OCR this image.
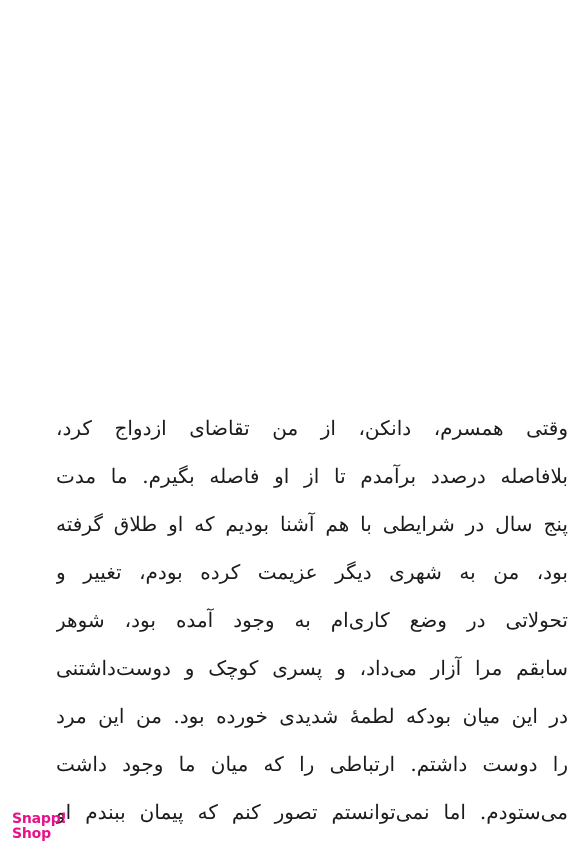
وقتی همسرم، دانکن، از من تقاضای ازدواج کرد،
بلافاصله درصدد برآمدم تا از او فاصله بگیرم. ما مدت
پنج سال در شرایطی با هم آشنا بودیم که او طلاق گرفته
بود، من به شهری دیگر عزیمت کرده بودم، تغییر و
تحولاتی در وضع کاری‌ام به وجود آمده بود، شوهر
سابقم مرا آزار می‌داد، و پسری کوچک و دوست‌داشتنی
در این میان بودکه لطمهٔ شدیدی خورده بود. من این مرد
را دوست داشتم. ارتباطی را که میان ما وجود داشت
می‌ستودم. اما نمی‌توانستم تصور کنم که پیمان ببندم او
Snapp!
Shop
